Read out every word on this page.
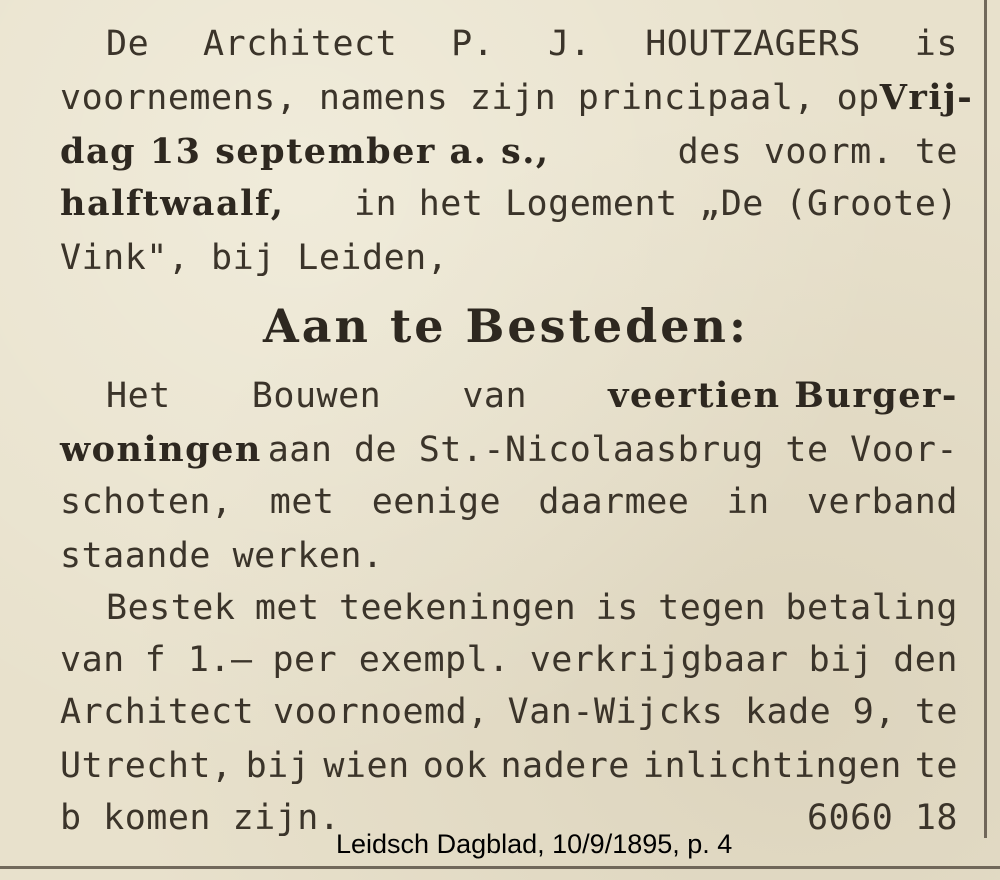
De Architect P. J. HOUTZAGERS is
voornemens, namens zijn principaal, op Vrij-
dag 13 september a. s.,	des voorm. te
halftwaalf, in het Logement „De (Groote)
Vink", bij Leiden,
Aan te Besteden:
Het Bouwen van veertien Burger-
woningen aan de St.-Nicolaasbrug te Voor-
schoten, met eenige daarmee in verband
staande werken.
Bestek met teekeningen is tegen betaling
van f 1.— per exempl. verkrijgbaar bij den
Architect voornoemd, Van-Wijcks kade 9, te
Utrecht, bij wien ook nadere inlichtingen te
b komen zijn.	6060 18
Leidsch Dagblad, 10/9/1895, p. 4
